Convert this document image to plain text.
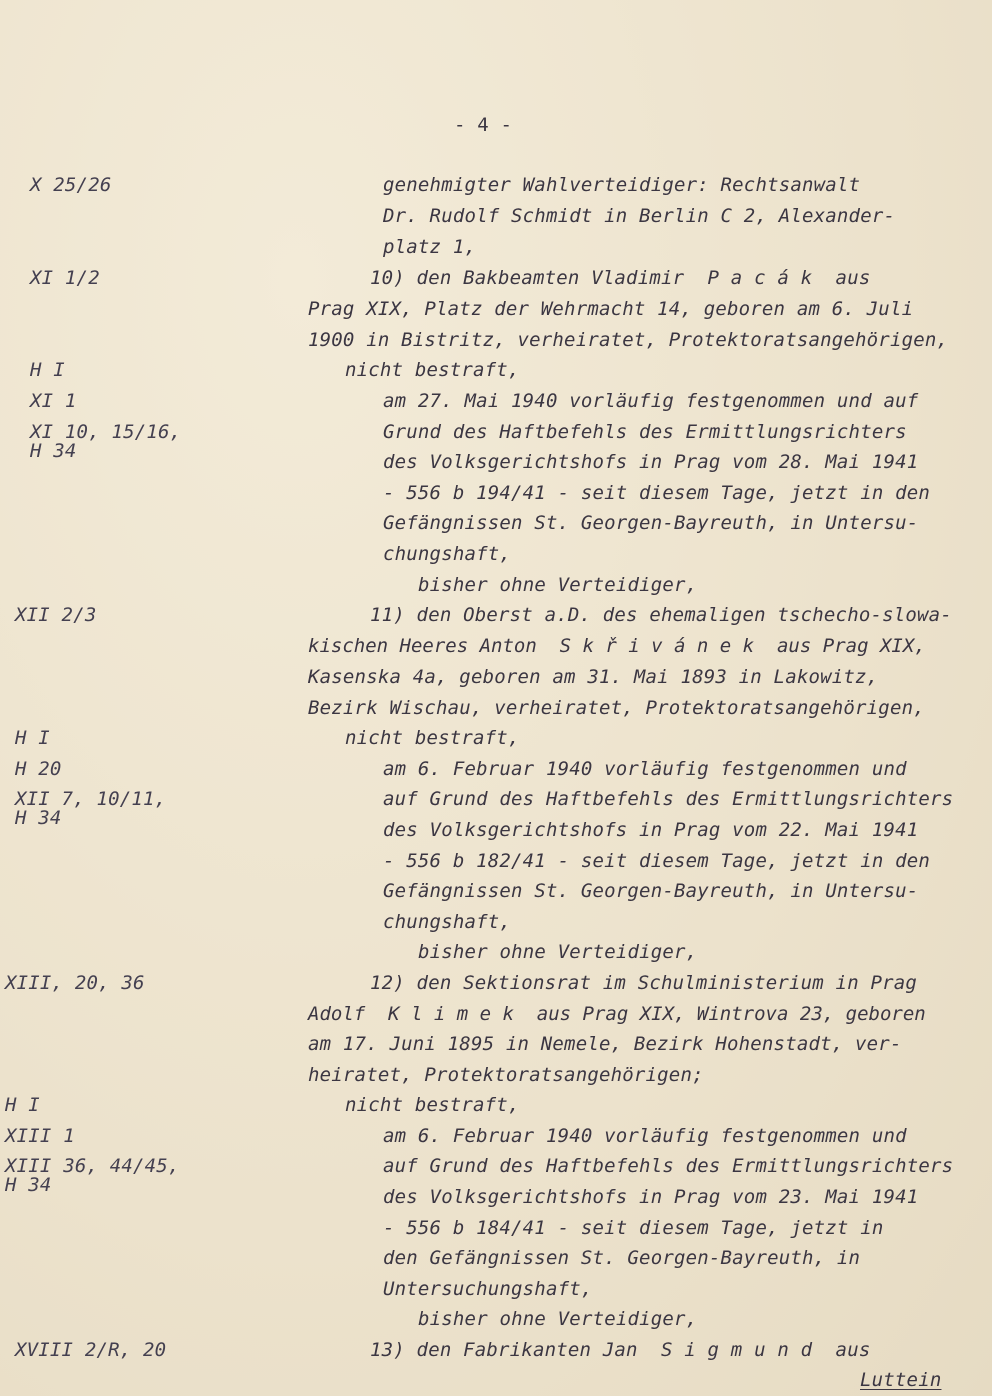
- 4 -
X 25/26
XI 1/2
H I
XI 1
XI 10, 15/16,
H 34
XII 2/3
H I
H 20
XII 7, 10/11,
H 34
XIII, 20, 36
H I
XIII 1
XIII 36, 44/45,
H 34
XVIII 2/R, 20
genehmigter Wahlverteidiger: Rechtsanwalt
Dr. Rudolf Schmidt in Berlin C 2, Alexander-
platz 1,
10) den Bakbeamten Vladimir  P a c á k  aus
Prag XIX, Platz der Wehrmacht 14, geboren am 6. Juli
1900 in Bistritz, verheiratet, Protektoratsangehörigen,
nicht bestraft,
am 27. Mai 1940 vorläufig festgenommen und auf
Grund des Haftbefehls des Ermittlungsrichters
des Volksgerichtshofs in Prag vom 28. Mai 1941
- 556 b 194/41 - seit diesem Tage, jetzt in den
Gefängnissen St. Georgen-Bayreuth, in Untersu-
chungshaft,
bisher ohne Verteidiger,
11) den Oberst a.D. des ehemaligen tschecho-slowa-
kischen Heeres Anton  S k ř i v á n e k  aus Prag XIX,
Kasenska 4a, geboren am 31. Mai 1893 in Lakowitz,
Bezirk Wischau, verheiratet, Protektoratsangehörigen,
nicht bestraft,
am 6. Februar 1940 vorläufig festgenommen und
auf Grund des Haftbefehls des Ermittlungsrichters
des Volksgerichtshofs in Prag vom 22. Mai 1941
- 556 b 182/41 - seit diesem Tage, jetzt in den
Gefängnissen St. Georgen-Bayreuth, in Untersu-
chungshaft,
bisher ohne Verteidiger,
12) den Sektionsrat im Schulministerium in Prag
Adolf  K l i m e k  aus Prag XIX, Wintrova 23, geboren
am 17. Juni 1895 in Nemele, Bezirk Hohenstadt, ver-
heiratet, Protektoratsangehörigen;
nicht bestraft,
am 6. Februar 1940 vorläufig festgenommen und
auf Grund des Haftbefehls des Ermittlungsrichters
des Volksgerichtshofs in Prag vom 23. Mai 1941
- 556 b 184/41 - seit diesem Tage, jetzt in
den Gefängnissen St. Georgen-Bayreuth, in
Untersuchungshaft,
bisher ohne Verteidiger,
13) den Fabrikanten Jan  S i g m u n d  aus
Luttein
